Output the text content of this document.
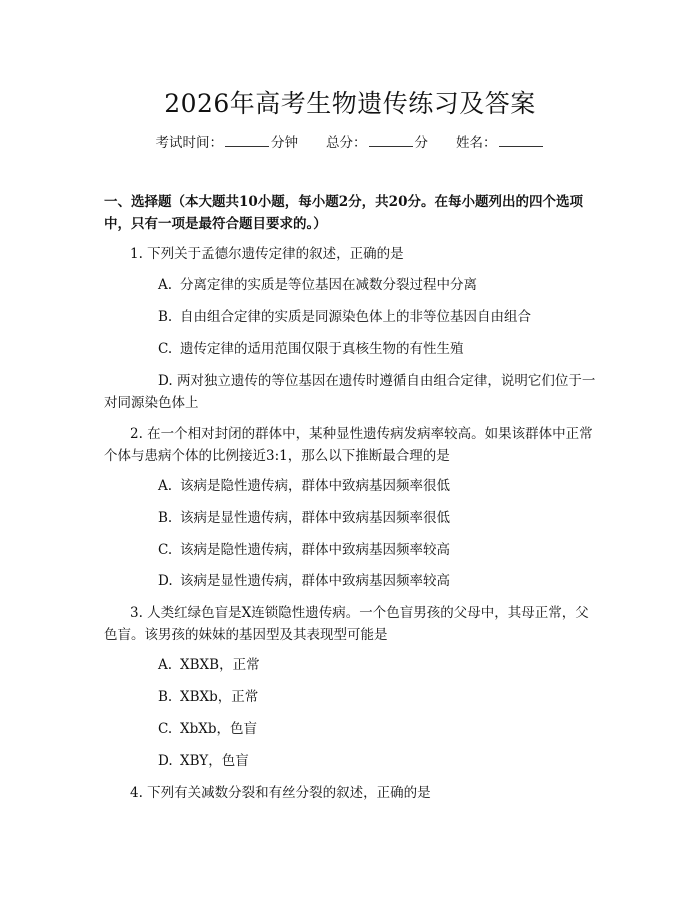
2026年高考生物遗传练习及答案
考试时间：	分钟 总分：	分 姓名：
一、选择题（本大题共10小题，每小题2分，共20分。在每小题列出的四个选项中，只有一项是最符合题目要求的。）
1. 下列关于孟德尔遗传定律的叙述，正确的是
A. 分离定律的实质是等位基因在减数分裂过程中分离
B. 自由组合定律的实质是同源染色体上的非等位基因自由组合
C. 遗传定律的适用范围仅限于真核生物的有性生殖
D. 两对独立遗传的等位基因在遗传时遵循自由组合定律，说明它们位于一对同源染色体上
2. 在一个相对封闭的群体中，某种显性遗传病发病率较高。如果该群体中正常个体与患病个体的比例接近3:1，那么以下推断最合理的是
A. 该病是隐性遗传病，群体中致病基因频率很低
B. 该病是显性遗传病，群体中致病基因频率很低
C. 该病是隐性遗传病，群体中致病基因频率较高
D. 该病是显性遗传病，群体中致病基因频率较高
3. 人类红绿色盲是X连锁隐性遗传病。一个色盲男孩的父母中，其母正常，父色盲。该男孩的妹妹的基因型及其表现型可能是
A. XBXB，正常
B. XBXb，正常
C. XbXb，色盲
D. XBY，色盲
4. 下列有关减数分裂和有丝分裂的叙述，正确的是
